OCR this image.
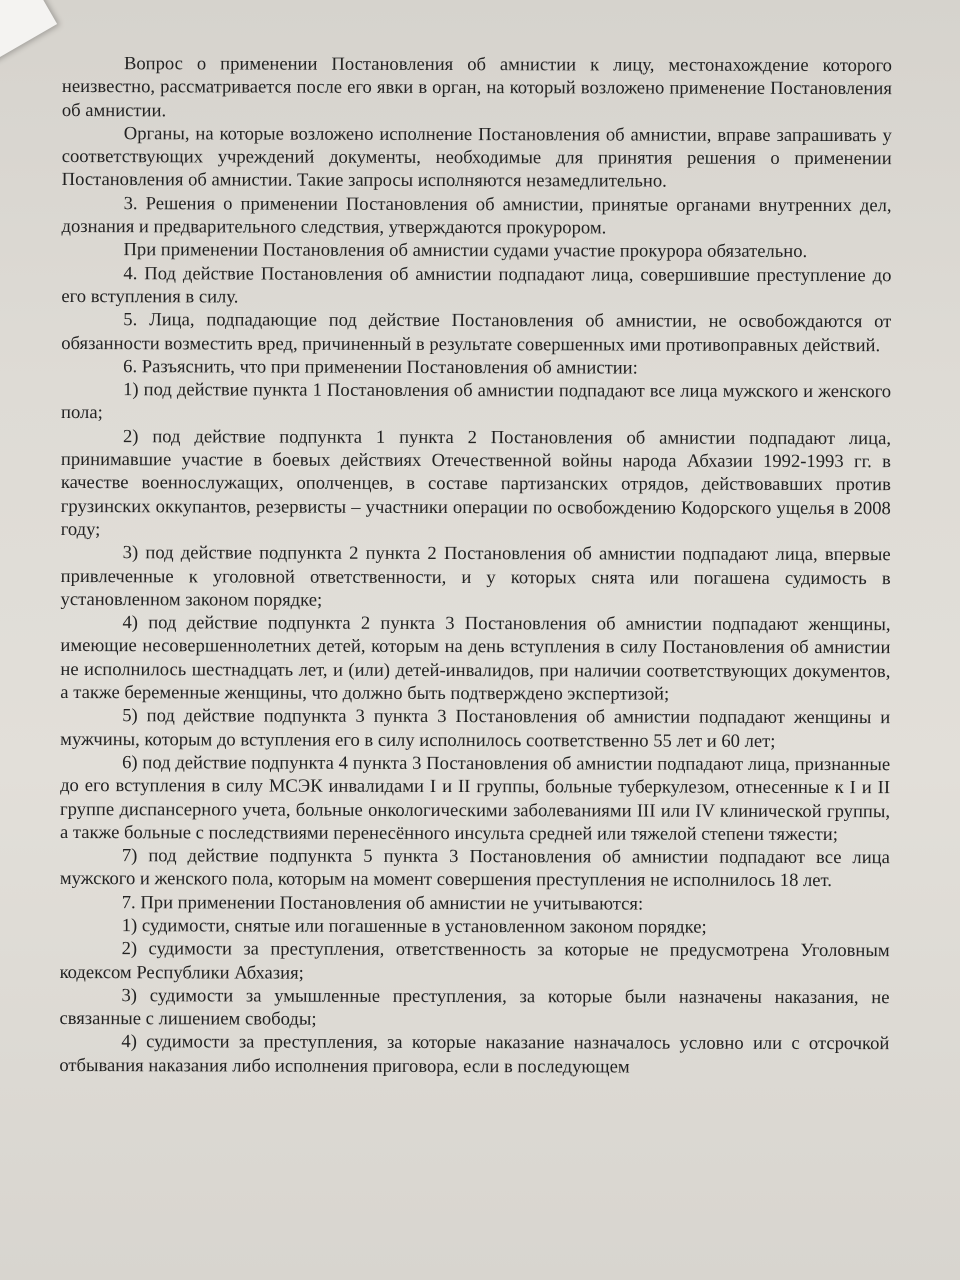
Вопрос о применении Постановления об амнистии к лицу, местонахождение которого неизвестно, рассматривается после его явки в орган, на который возложено применение Постановления об амнистии.

Органы, на которые возложено исполнение Постановления об амнистии, вправе запрашивать у соответствующих учреждений документы, необходимые для принятия решения о применении Постановления об амнистии. Такие запросы исполняются незамедлительно.

3. Решения о применении Постановления об амнистии, принятые органами внутренних дел, дознания и предварительного следствия, утверждаются прокурором.

При применении Постановления об амнистии судами участие прокурора обязательно.

4. Под действие Постановления об амнистии подпадают лица, совершившие преступление до его вступления в силу.

5. Лица, подпадающие под действие Постановления об амнистии, не освобождаются от обязанности возместить вред, причиненный в результате совершенных ими противоправных действий.

6. Разъяснить, что при применении Постановления об амнистии:

1) под действие пункта 1 Постановления об амнистии подпадают все лица мужского и женского пола;

2) под действие подпункта 1 пункта 2 Постановления об амнистии подпадают лица, принимавшие участие в боевых действиях Отечественной войны народа Абхазии 1992-1993 гг. в качестве военнослужащих, ополченцев, в составе партизанских отрядов, действовавших против грузинских оккупантов, резервисты – участники операции по освобождению Кодорского ущелья в 2008 году;

3) под действие подпункта 2 пункта 2 Постановления об амнистии подпадают лица, впервые привлеченные к уголовной ответственности, и у которых снята или погашена судимость в установленном законом порядке;

4) под действие подпункта 2 пункта 3 Постановления об амнистии подпадают женщины, имеющие несовершеннолетних детей, которым на день вступления в силу Постановления об амнистии не исполнилось шестнадцать лет, и (или) детей-инвалидов, при наличии соответствующих документов, а также беременные женщины, что должно быть подтверждено экспертизой;

5) под действие подпункта 3 пункта 3 Постановления об амнистии подпадают женщины и мужчины, которым до вступления его в силу исполнилось соответственно 55 лет и 60 лет;

6) под действие подпункта 4 пункта 3 Постановления об амнистии подпадают лица, признанные до его вступления в силу МСЭК инвалидами I и II группы, больные туберкулезом, отнесенные к I и II группе диспансерного учета, больные онкологическими заболеваниями III или IV клинической группы, а также больные с последствиями перенесённого инсульта средней или тяжелой степени тяжести;

7) под действие подпункта 5 пункта 3 Постановления об амнистии подпадают все лица мужского и женского пола, которым на момент совершения преступления не исполнилось 18 лет.

7. При применении Постановления об амнистии не учитываются:

1) судимости, снятые или погашенные в установленном законом порядке;

2) судимости за преступления, ответственность за которые не предусмотрена Уголовным кодексом Республики Абхазия;

3) судимости за умышленные преступления, за которые были назначены наказания, не связанные с лишением свободы;

4) судимости за преступления, за которые наказание назначалось условно или с отсрочкой отбывания наказания либо исполнения приговора, если в последующем
